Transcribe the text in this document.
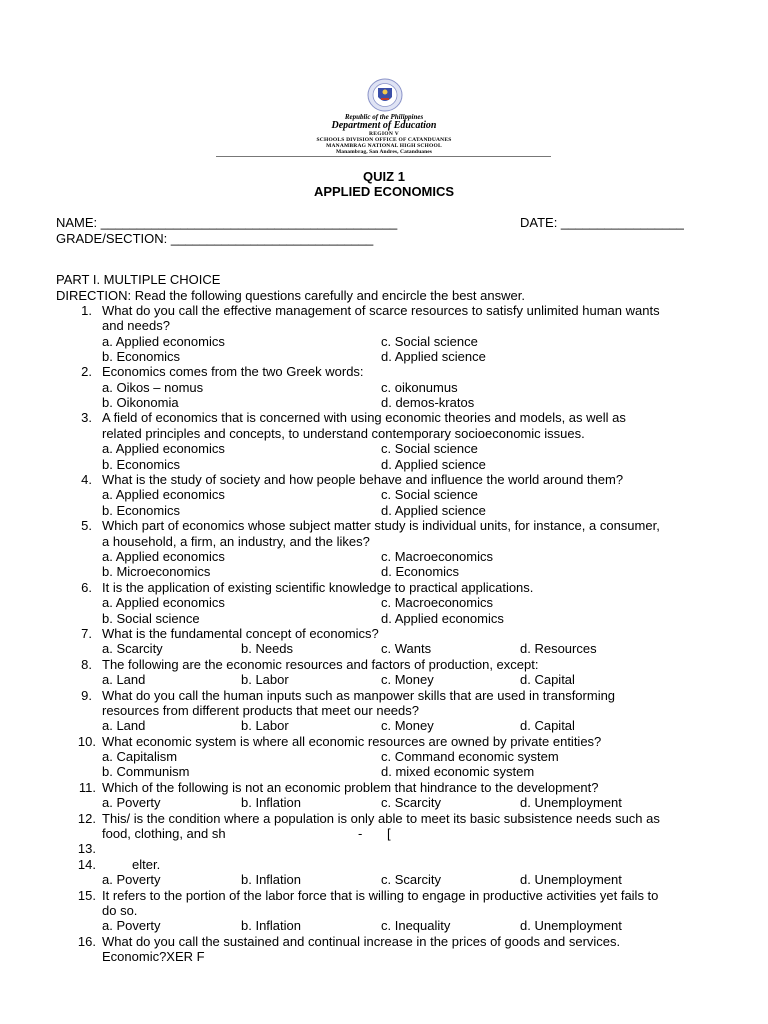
Republic of the Philippines
Department of Education
REGION V
SCHOOLS DIVISION OFFICE OF CATANDUANES
MANAMBRAG NATIONAL HIGH SCHOOL
Manambrag, San Andres, Catanduanes
QUIZ 1
APPLIED ECONOMICS
NAME: _________________________________________	DATE: _________________
GRADE/SECTION: ____________________________
PART I. MULTIPLE CHOICE
DIRECTION: Read the following questions carefully and encircle the best answer.
1. What do you call the effective management of scarce resources to satisfy unlimited human wants
and needs?
a. Applied economics	c. Social science
b. Economics	d. Applied science
2. Economics comes from the two Greek words:
a. Oikos – nomus	c. oikonumus
b. Oikonomia	d. demos-kratos
3. A field of economics that is concerned with using economic theories and models, as well as
related principles and concepts, to understand contemporary socioeconomic issues.
a. Applied economics	c. Social science
b. Economics	d. Applied science
4. What is the study of society and how people behave and influence the world around them?
a. Applied economics	c. Social science
b. Economics	d. Applied science
5. Which part of economics whose subject matter study is individual units, for instance, a consumer,
a household, a firm, an industry, and the likes?
a. Applied economics	c. Macroeconomics
b. Microeconomics	d. Economics
6. It is the application of existing scientific knowledge to practical applications.
a. Applied economics	c. Macroeconomics
b. Social science	d. Applied economics
7. What is the fundamental concept of economics?
a. Scarcity	b. Needs	c. Wants	d. Resources
8. The following are the economic resources and factors of production, except:
a. Land	b. Labor	c. Money	d. Capital
9. What do you call the human inputs such as manpower skills that are used in transforming
resources from different products that meet our needs?
a. Land	b. Labor	c. Money	d. Capital
10. What economic system is where all economic resources are owned by private entities?
a. Capitalism	c. Command economic system
b. Communism	d. mixed economic system
11. Which of the following is not an economic problem that hindrance to the development?
a. Poverty	b. Inflation	c. Scarcity	d. Unemployment
12. This/ is the condition where a population is only able to meet its basic subsistence needs such as
food, clothing, and sh	- [
13.
14.	elter.
a. Poverty	b. Inflation	c. Scarcity	d. Unemployment
15. It refers to the portion of the labor force that is willing to engage in productive activities yet fails to
do so.
a. Poverty	b. Inflation	c. Inequality	d. Unemployment
16. What do you call the sustained and continual increase in the prices of goods and services.
Economic?XER F
